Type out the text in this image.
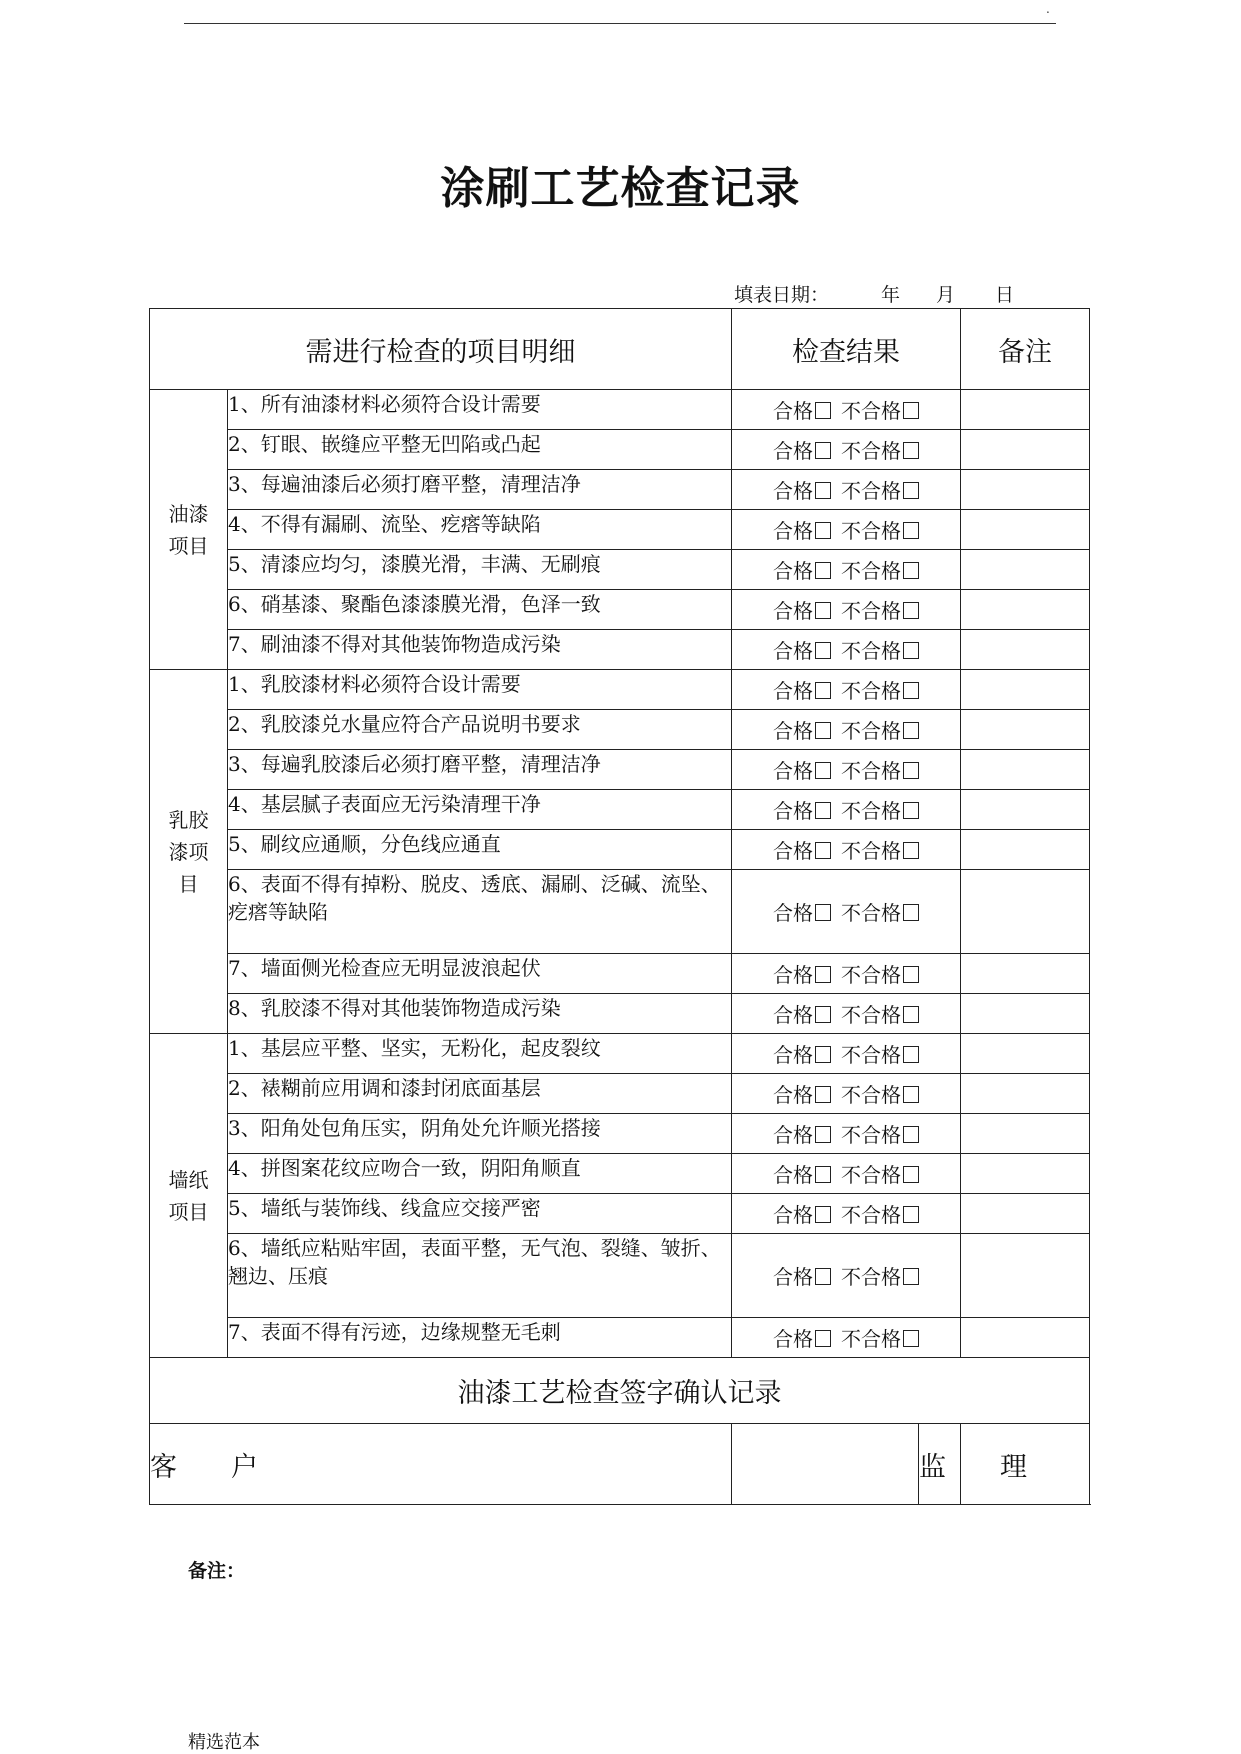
.
涂刷工艺检查记录
填表日期：	年 月 日
需进行检查的项目明细		检查结果		备注
油漆
项目	1、所有油漆材料必须符合设计需要	合格 不合格		
	2、钉眼、嵌缝应平整无凹陷或凸起	合格 不合格		
	3、每遍油漆后必须打磨平整，清理洁净	合格 不合格		
	4、不得有漏刷、流坠、疙瘩等缺陷	合格 不合格		
	5、清漆应均匀，漆膜光滑，丰满、无刷痕	合格 不合格		
	6、硝基漆、聚酯色漆漆膜光滑，色泽一致	合格 不合格		
	7、刷油漆不得对其他装饰物造成污染	合格 不合格		
乳胶
漆项
目	1、乳胶漆材料必须符合设计需要	合格 不合格		
	2、乳胶漆兑水量应符合产品说明书要求	合格 不合格		
	3、每遍乳胶漆后必须打磨平整，清理洁净	合格 不合格		
	4、基层腻子表面应无污染清理干净	合格 不合格		
	5、刷纹应通顺，分色线应通直	合格 不合格		
	6、表面不得有掉粉、脱皮、透底、漏刷、泛碱、流坠、疙瘩等缺陷	合格 不合格		
	7、墙面侧光检查应无明显波浪起伏	合格 不合格		
	8、乳胶漆不得对其他装饰物造成污染	合格 不合格		
墙纸
项目	1、基层应平整、坚实，无粉化，起皮裂纹	合格 不合格		
	2、裱糊前应用调和漆封闭底面基层	合格 不合格		
	3、阳角处包角压实，阴角处允许顺光搭接	合格 不合格		
	4、拼图案花纹应吻合一致，阴阳角顺直	合格 不合格		
	5、墙纸与装饰线、线盒应交接严密	合格 不合格		
	6、墙纸应粘贴牢固，表面平整，无气泡、裂缝、皱折、翘边、压痕	合格 不合格		
	7、表面不得有污迹，边缘规整无毛刺	合格 不合格		
油漆工艺检查签字确认记录				
客　　户			监　　理	
备注：
精选范本
